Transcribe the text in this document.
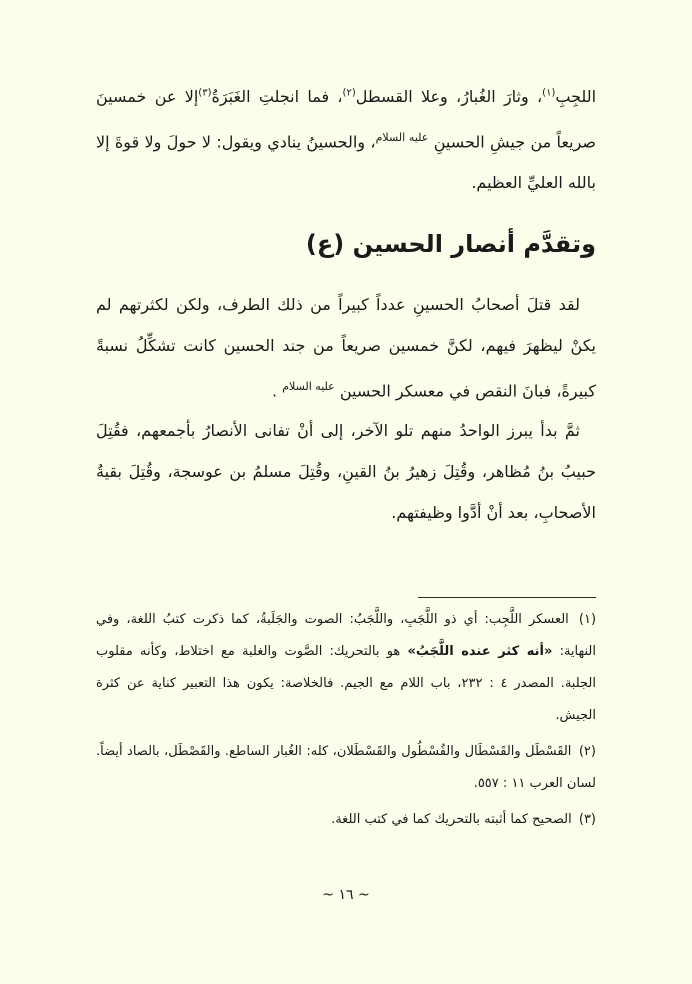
اللجِبِ$^{(١)}$، وثارَ الغُبارُ، وعلا القسطل$^{(٢)}$، فما انجلتِ الغَبَرَةُ$^{(٣)}$إلا عن خمسينَ صريعاً من جيشِ الحسينِ $^{عليه السلام}$، والحسينُ ينادي ويقول: لا حولَ ولا قوةَ إلا بالله العليِّ العظيم.

وتقدَّم أنصار الحسين (ع)

لقد قتلَ أصحابُ الحسينِ عدداً كبيراً من ذلك الطرف، ولكن لكثرتهم لم يكنْ ليظهرَ فيهم، لكنَّ خمسين صريعاً من جند الحسين كانت تشكِّلُ نسبةً كبيرةً، فبانَ النقص في معسكر الحسين $^{عليه السلام}$ .

ثمَّ بدأ يبرز الواحدُ منهم تلو الآخر، إلى أنْ تفانى الأنصارُ بأجمعهم، فقُتِلَ حبيبُ بنُ مُظاهر، وقُتِلَ زهيرُ بنُ القينِ، وقُتِلَ مسلمُ بن عوسجة، وقُتِلَ بقيةُ الأصحابِ، بعد أنْ أدَّوا وظيفتهم.

(١) العسكر اللَّجِب: أي ذو اللَّجَبِ، واللَّجَبُ: الصوت والجَلَبةُ، كما ذكرت كتبُ اللغة، وفي النهاية: «أنه كثر عنده اللَّجَبُ» هو بالتحريك: الصَّوت والغلبة مع اختلاط، وكأنه مقلوب الجلبة. المصدر ٤ : ٢٣٢، باب اللام مع الجيم. فالخلاصة: يكون هذا التعبير كناية عن كثرة الجيش.

(٢) القَسْطَل والقَسْطَال والقُسْطُول والقَسْطَلان، كله: الغُبار الساطع. والقَصْطَل، بالصاد أيضاً. لسان العرب ١١ : ٥٥٧.

(٣) الصحيح كما أثبته بالتحريك كما في كتب اللغة.

~ ١٦ ~
